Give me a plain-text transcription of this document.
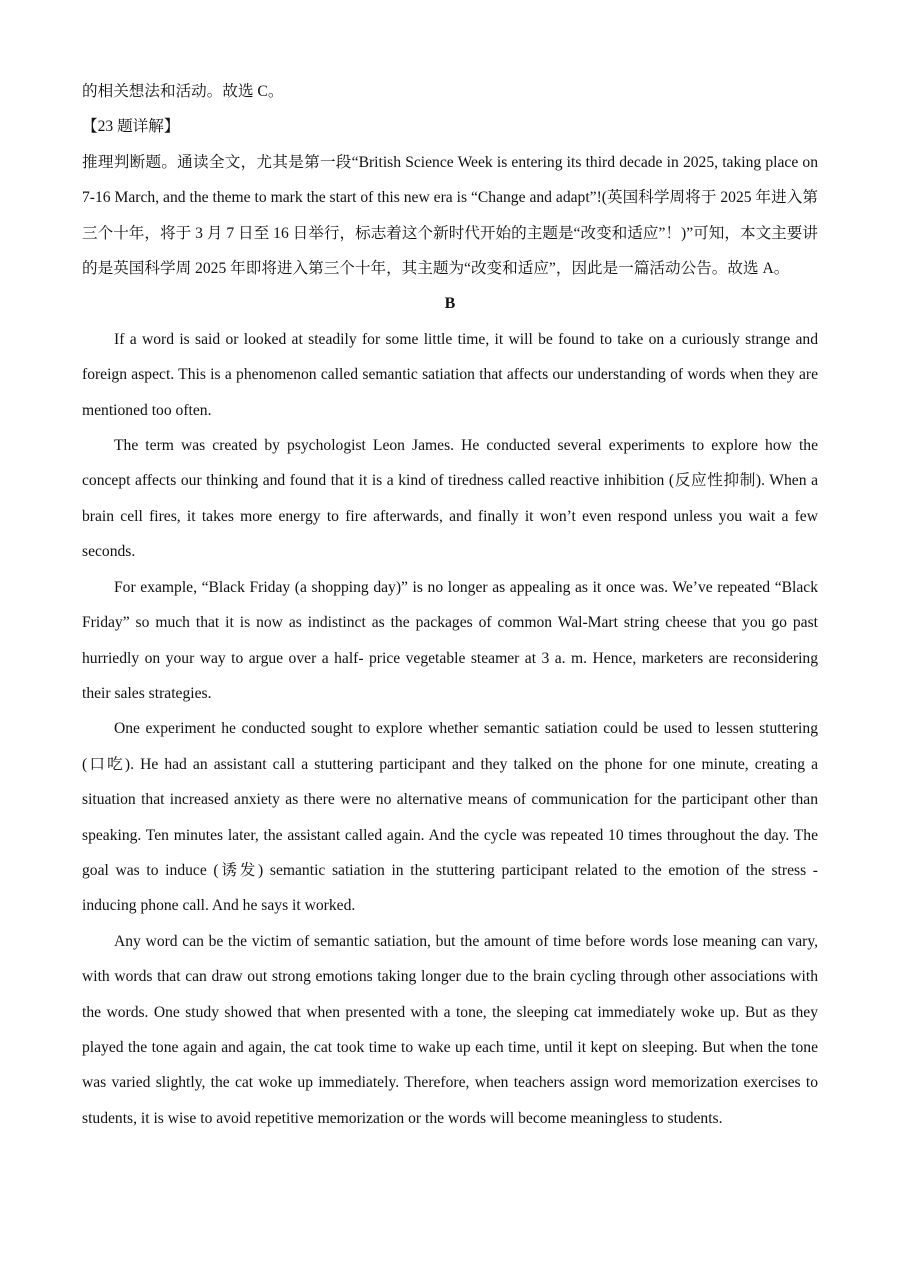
的相关想法和活动。故选 C。

【23 题详解】

推理判断题。通读全文，尤其是第一段“British Science Week is entering its third decade in 2025, taking place on 7-16 March, and the theme to mark the start of this new era is “Change and adapt”!(英国科学周将于 2025 年进入第三个十年，将于 3 月 7 日至 16 日举行，标志着这个新时代开始的主题是“改变和适应”！)”可知，本文主要讲的是英国科学周 2025 年即将进入第三个十年，其主题为“改变和适应”，因此是一篇活动公告。故选 A。

B

If a word is said or looked at steadily for some little time, it will be found to take on a curiously strange and foreign aspect. This is a phenomenon called semantic satiation that affects our understanding of words when they are mentioned too often.

The term was created by psychologist Leon James. He conducted several experiments to explore how the concept affects our thinking and found that it is a kind of tiredness called reactive inhibition (反应性抑制). When a brain cell fires, it takes more energy to fire afterwards, and finally it won’t even respond unless you wait a few seconds.

For example, “Black Friday (a shopping day)” is no longer as appealing as it once was. We’ve repeated “Black Friday” so much that it is now as indistinct as the packages of common Wal-Mart string cheese that you go past hurriedly on your way to argue over a half- price vegetable steamer at 3 a. m. Hence, marketers are reconsidering their sales strategies.

One experiment he conducted sought to explore whether semantic satiation could be used to lessen stuttering (口吃). He had an assistant call a stuttering participant and they talked on the phone for one minute, creating a situation that increased anxiety as there were no alternative means of communication for the participant other than speaking. Ten minutes later, the assistant called again. And the cycle was repeated 10 times throughout the day. The goal was to induce (诱发) semantic satiation in the stuttering participant related to the emotion of the stress - inducing phone call. And he says it worked.

Any word can be the victim of semantic satiation, but the amount of time before words lose meaning can vary, with words that can draw out strong emotions taking longer due to the brain cycling through other associations with the words. One study showed that when presented with a tone, the sleeping cat immediately woke up. But as they played the tone again and again, the cat took time to wake up each time, until it kept on sleeping. But when the tone was varied slightly, the cat woke up immediately. Therefore, when teachers assign word memorization exercises to students, it is wise to avoid repetitive memorization or the words will become meaningless to students.
